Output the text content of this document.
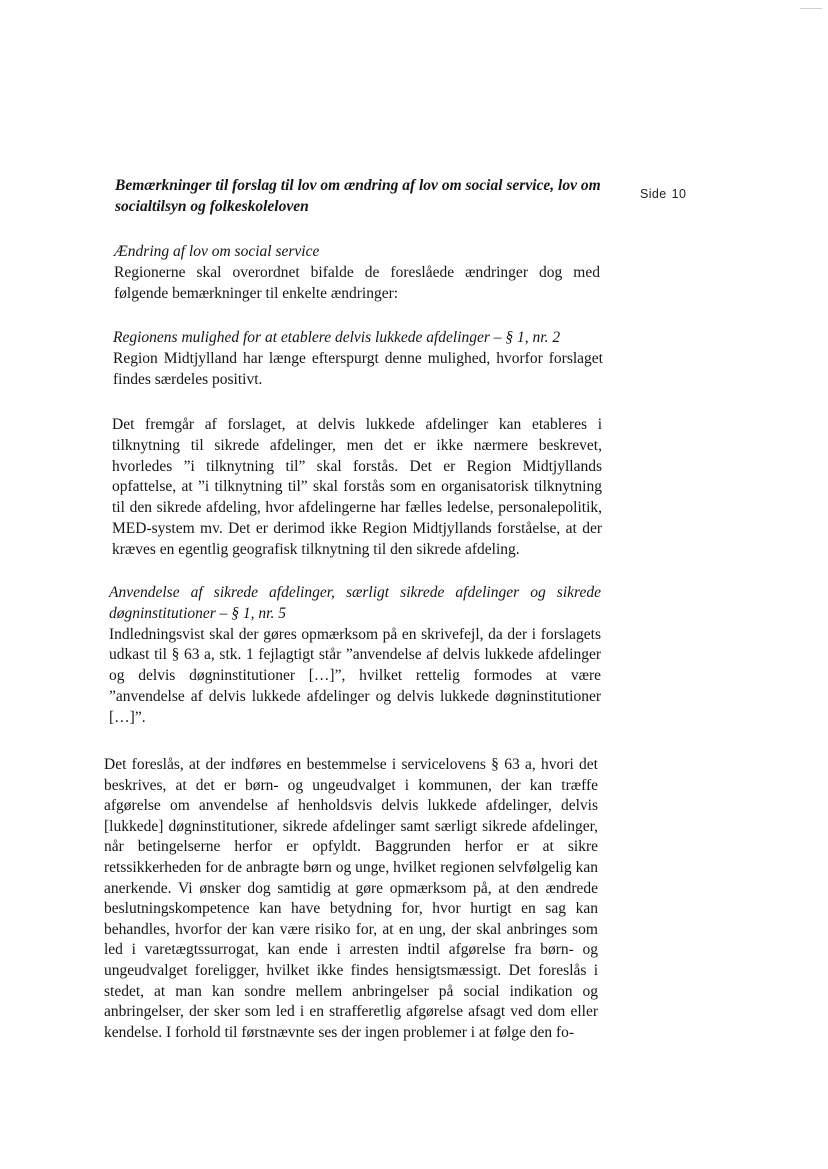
Side 10
Bemærkninger til forslag til lov om ændring af lov om social service, lov om socialtilsyn og folkeskoleloven
Ændring af lov om social service
Regionerne skal overordnet bifalde de foreslåede ændringer dog med følgende bemærkninger til enkelte ændringer:
Regionens mulighed for at etablere delvis lukkede afdelinger – § 1, nr. 2
Region Midtjylland har længe efterspurgt denne mulighed, hvorfor forslaget findes særdeles positivt.

Det fremgår af forslaget, at delvis lukkede afdelinger kan etableres i tilknytning til sikrede afdelinger, men det er ikke nærmere beskrevet, hvorledes ”i tilknytning til” skal forstås. Det er Region Midtjyllands opfattelse, at ”i tilknytning til” skal forstås som en organisatorisk tilknytning til den sikrede afdeling, hvor afdelingerne har fælles ledelse, personalepolitik, MED-system mv. Det er derimod ikke Region Midtjyllands forståelse, at der kræves en egentlig geografisk tilknytning til den sikrede afdeling.

Anvendelse af sikrede afdelinger, særligt sikrede afdelinger og sikrede døgninstitutioner – § 1, nr. 5
Indledningsvist skal der gøres opmærksom på en skrivefejl, da der i forslagets udkast til § 63 a, stk. 1 fejlagtigt står ”anvendelse af delvis lukkede afdelinger og delvis døgninstitutioner […]”, hvilket rettelig formodes at være ”anvendelse af delvis lukkede afdelinger og delvis lukkede døgninstitutioner […]”.

Det foreslås, at der indføres en bestemmelse i servicelovens § 63 a, hvori det beskrives, at det er børn- og ungeudvalget i kommunen, der kan træffe afgørelse om anvendelse af henholdsvis delvis lukkede afdelinger, delvis [lukkede] døgninstitutioner, sikrede afdelinger samt særligt sikrede afdelinger, når betingelserne herfor er opfyldt. Baggrunden herfor er at sikre retssikkerheden for de anbragte børn og unge, hvilket regionen selvfølgelig kan anerkende. Vi ønsker dog samtidig at gøre opmærksom på, at den ændrede beslutningskompetence kan have betydning for, hvor hurtigt en sag kan behandles, hvorfor der kan være risiko for, at en ung, der skal anbringes som led i varetægtssurrogat, kan ende i arresten indtil afgørelse fra børn- og ungeudvalget foreligger, hvilket ikke findes hensigtsmæssigt. Det foreslås i stedet, at man kan sondre mellem anbringelser på social indikation og anbringelser, der sker som led i en strafferetlig afgørelse afsagt ved dom eller kendelse. I forhold til førstnævnte ses der ingen problemer i at følge den fo-
